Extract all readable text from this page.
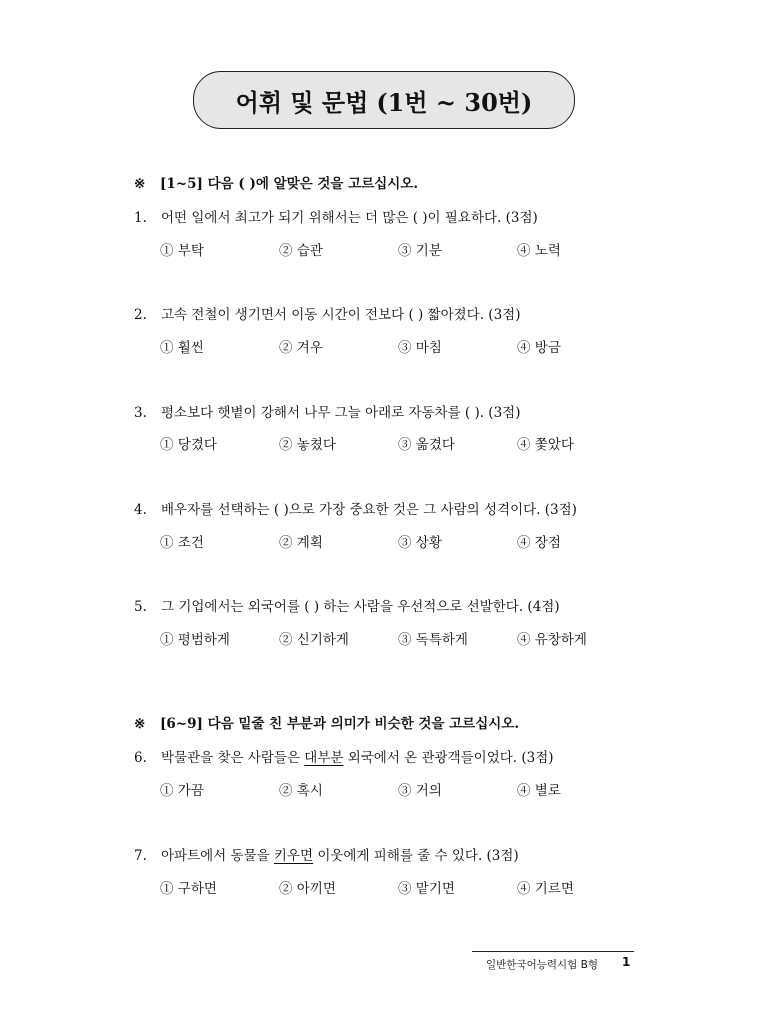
어휘 및 문법 (1번 ~ 30번)
※ [1~5] 다음 ( )에 알맞은 것을 고르십시오.
1. 어떤 일에서 최고가 되기 위해서는 더 많은 ( )이 필요하다. (3점)
① 부탁	② 습관	③ 기분	④ 노력
2. 고속 전철이 생기면서 이동 시간이 전보다 ( ) 짧아졌다. (3점)
① 훨씬	② 겨우	③ 마침	④ 방금
3. 평소보다 햇볕이 강해서 나무 그늘 아래로 자동차를 ( ). (3점)
① 당겼다	② 놓쳤다	③ 옮겼다	④ 쫓았다
4. 배우자를 선택하는 ( )으로 가장 중요한 것은 그 사람의 성격이다. (3점)
① 조건	② 계획	③ 상황	④ 장점
5. 그 기업에서는 외국어를 ( ) 하는 사람을 우선적으로 선발한다. (4점)
① 평범하게	② 신기하게	③ 독특하게	④ 유창하게
※ [6~9] 다음 밑줄 친 부분과 의미가 비슷한 것을 고르십시오.
6. 박물관을 찾은 사람들은 대부분 외국에서 온 관광객들이었다. (3점)
① 가끔	② 혹시	③ 거의	④ 별로
7. 아파트에서 동물을 키우면 이웃에게 피해를 줄 수 있다. (3점)
① 구하면	② 아끼면	③ 맡기면	④ 기르면
일반한국어능력시험 B형 1
